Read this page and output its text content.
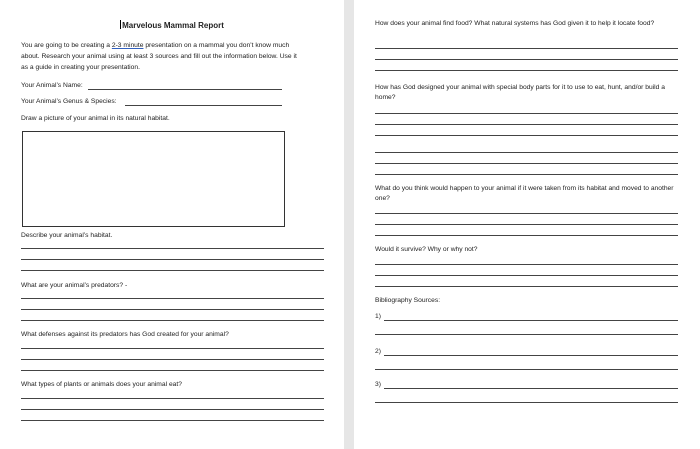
Marvelous Mammal Report
You are going to be creating a 2-3 minute presentation on a mammal you don’t know much
about. Research your animal using at least 3 sources and fill out the information below. Use it
as a guide in creating your presentation.
Your Animal’s Name:
Your Animal’s Genus & Species:
Draw a picture of your animal in its natural habitat.
Describe your animal’s habitat.
What are your animal’s predators? -
What defenses against its predators has God created for your animal?
What types of plants or animals does your animal eat?
How does your animal find food? What natural systems has God given it to help it locate food?
How has God designed your animal with special body parts for it to use to eat, hunt, and/or build a home?
What do you think would happen to your animal if it were taken from its habitat and moved to another one?
Would it survive? Why or why not?
Bibliography Sources:
1)
2)
3)
